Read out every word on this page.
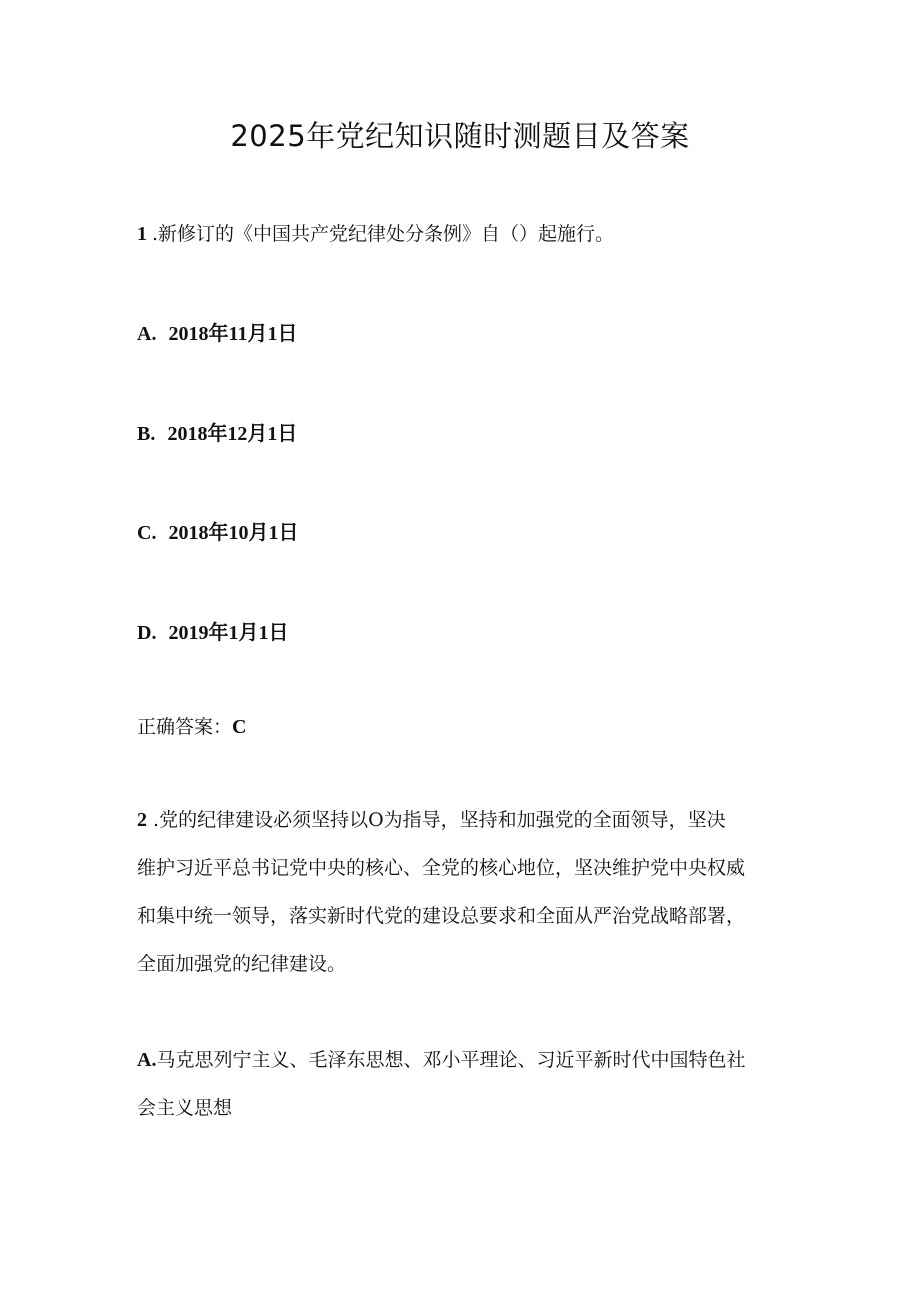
2025年党纪知识随时测题目及答案
1 .新修订的《中国共产党纪律处分条例》自（）起施行。
A. 2018年11月1日
B. 2018年12月1日
C. 2018年10月1日
D. 2019年1月1日
正确答案：C
2 .党的纪律建设必须坚持以O为指导，坚持和加强党的全面领导，坚决
维护习近平总书记党中央的核心、全党的核心地位，坚决维护党中央权威
和集中统一领导，落实新时代党的建设总要求和全面从严治党战略部署，
全面加强党的纪律建设。
A.马克思列宁主义、毛泽东思想、邓小平理论、习近平新时代中国特色社
会主义思想
